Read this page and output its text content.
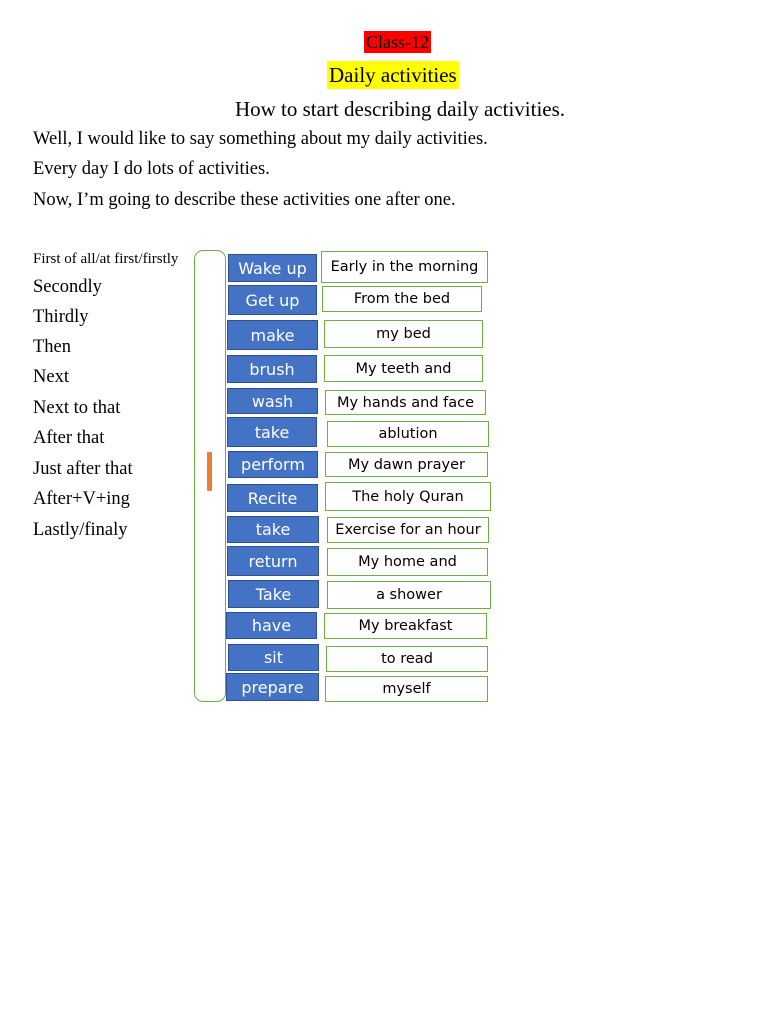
Class-12
Daily activities
How to start describing daily activities.
Well, I would like to say something about my daily activities.
Every day I do lots of activities.
Now, I’m going to describe these activities one after one.
First of all/at first/firstly
Secondly
Thirdly
Then
Next
Next to that
After that
Just after that
After+V+ing
Lastly/finaly
Wake up	Early in the morning
Get up	From the bed
make	my bed
brush	My teeth and
wash	My hands and face
take	ablution
perform	My dawn prayer
Recite	The holy Quran
take	Exercise for an hour
return	My home and
Take	a shower
have	My breakfast
sit	to read
prepare	myself
